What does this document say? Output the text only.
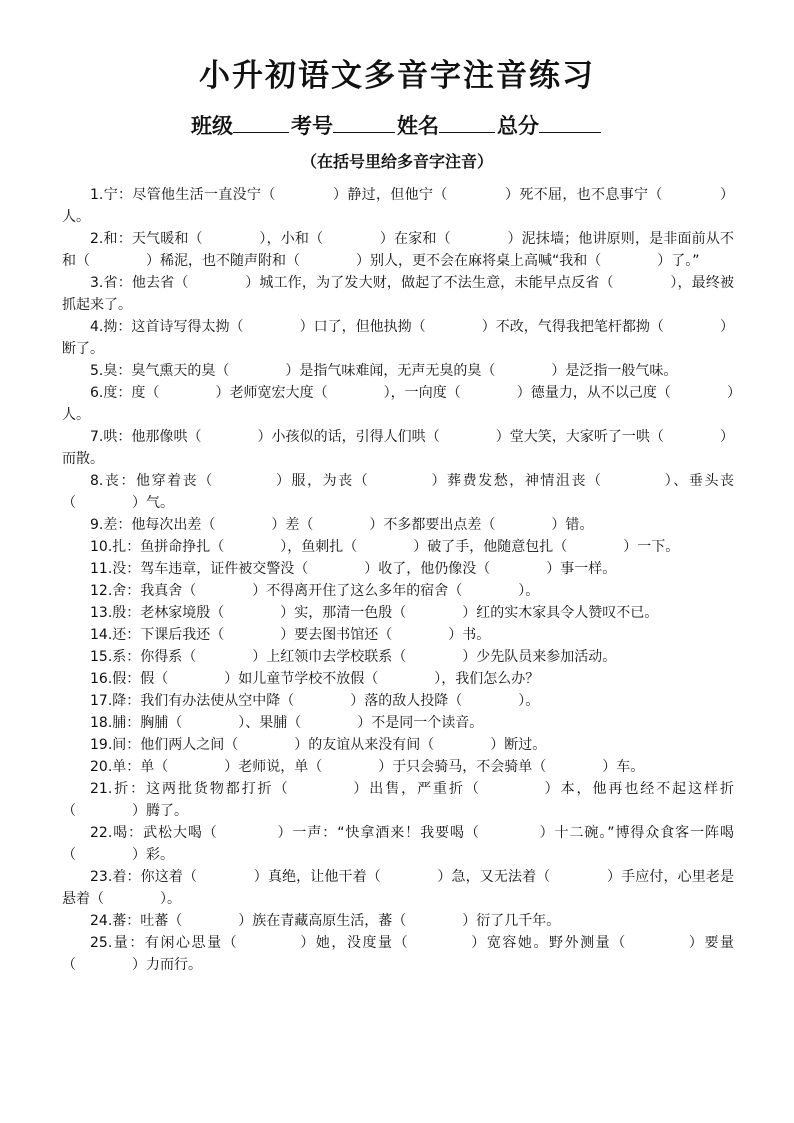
小升初语文多音字注音练习
班级	考号	姓名	总分
（在括号里给多音字注音）

1.宁：尽管他生活一直没宁（　　　　）静过，但他宁（　　　　）死不屈，也不息事宁（　　　　）人。

2.和：天气暖和（　　　　），小和（　　　　）在家和（　　　　）泥抹墙；他讲原则，是非面前从不和（　　　　）稀泥，也不随声附和（　　　　）别人，更不会在麻将桌上高喊“我和（　　　　）了。”

3.省：他去省（　　　　）城工作，为了发大财，做起了不法生意，未能早点反省（　　　　），最终被抓起来了。

4.拗：这首诗写得太拗（　　　　）口了，但他执拗（　　　　）不改，气得我把笔杆都拗（　　　　）断了。

5.臭：臭气熏天的臭（　　　　）是指气味难闻，无声无臭的臭（　　　　）是泛指一般气味。

6.度：度（　　　　）老师宽宏大度（　　　　），一向度（　　　　）德量力，从不以己度（　　　　）人。

7.哄：他那像哄（　　　　）小孩似的话，引得人们哄（　　　　）堂大笑，大家听了一哄（　　　　）而散。

8.丧：他穿着丧（　　　　）服，为丧（　　　　）葬费发愁，神情沮丧（　　　　）、垂头丧（　　　　）气。

9.差：他每次出差（　　　　）差（　　　　）不多都要出点差（　　　　）错。

10.扎：鱼拼命挣扎（　　　　），鱼刺扎（　　　　）破了手，他随意包扎（　　　　）一下。

11.没：驾车违章，证件被交警没（　　　　）收了，他仍像没（　　　　）事一样。

12.舍：我真舍（　　　　）不得离开住了这么多年的宿舍（　　　　）。

13.殷：老林家境殷（　　　　）实，那清一色殷（　　　　）红的实木家具令人赞叹不已。

14.还：下课后我还（　　　　）要去图书馆还（　　　　）书。

15.系：你得系（　　　　）上红领巾去学校联系（　　　　）少先队员来参加活动。

16.假：假（　　　　）如儿童节学校不放假（　　　　），我们怎么办？

17.降：我们有办法使从空中降（　　　　）落的敌人投降（　　　　）。

18.脯：胸脯（　　　　）、果脯（　　　　）不是同一个读音。

19.间：他们两人之间（　　　　）的友谊从来没有间（　　　　）断过。

20.单：单（　　　　）老师说，单（　　　　）于只会骑马，不会骑单（　　　　）车。

21.折：这两批货物都打折（　　　　）出售，严重折（　　　　）本，他再也经不起这样折（　　　　）腾了。

22.喝：武松大喝（　　　　）一声：“快拿酒来！我要喝（　　　　）十二碗。”博得众食客一阵喝（　　　　）彩。

23.着：你这着（　　　　）真绝，让他干着（　　　　）急，又无法着（　　　　）手应付，心里老是悬着（　　　　）。

24.蕃：吐蕃（　　　　）族在青藏高原生活，蕃（　　　　）衍了几千年。

25.量：有闲心思量（　　　　）她，没度量（　　　　）宽容她。野外测量（　　　　）要量（　　　　）力而行。
